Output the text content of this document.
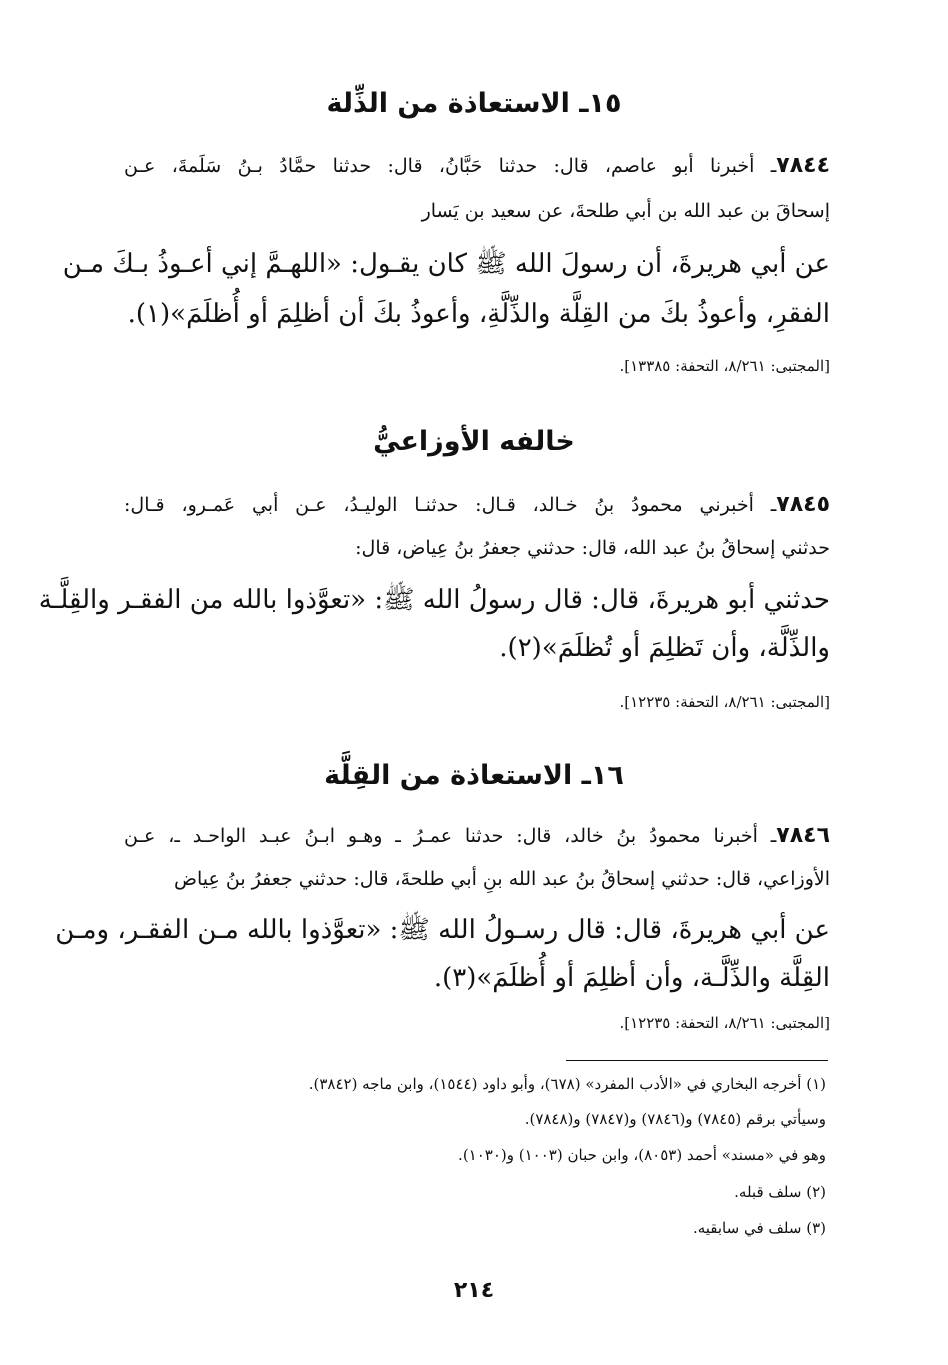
١٥ـ الاستعاذة من الذِّلة
٧٨٤٤ـ أخبرنا أبو عاصم، قال: حدثنا حَبَّانُ، قال: حدثنا حمَّادُ بـنُ سَلَمةَ، عـن
إسحاقَ بن عبد الله بن أبي طلحةَ، عن سعيد بن يَسار
عن أبي هريرةَ، أن رسولَ الله ﷺ كان يقـول: «اللهـمَّ إني أعـوذُ بـكَ مـن
الفقرِ، وأعوذُ بكَ من القِلَّة والذِّلَّةِ، وأعوذُ بكَ أن أظلِمَ أو أُظلَمَ»(١).
[المجتبى: ٨/٢٦١، التحفة: ١٣٣٨٥].
خالفه الأوزاعيُّ
٧٨٤٥ـ أخبرني محمودُ بنُ خـالد، قـال: حدثنـا الوليـدُ، عـن أبي عَمـرو، قـال:
حدثني إسحاقُ بنُ عبد الله، قال: حدثني جعفرُ بنُ عِياض، قال:
حدثني أبو هريرةَ، قال: قال رسولُ الله ﷺ: «تعوَّذوا بالله من الفقـر والقِلَّـة
والذِّلَّة، وأن تَظلِمَ أو تُظلَمَ»(٢).
[المجتبى: ٨/٢٦١، التحفة: ١٢٢٣٥].
١٦ـ الاستعاذة من القِلَّة
٧٨٤٦ـ أخبرنا محمودُ بنُ خالد، قال: حدثنا عمـرُ ـ وهـو ابـنُ عبـد الواحـد ـ، عـن
الأوزاعي، قال: حدثني إسحاقُ بنُ عبد الله بنِ أبي طلحةَ، قال: حدثني جعفرُ بنُ عِياض
عن أبي هريرةَ، قال: قال رسـولُ الله ﷺ: «تعوَّذوا بالله مـن الفقـر، ومـن
القِلَّة والذِّلَّـة، وأن أظلِمَ أو أُظلَمَ»(٣).
[المجتبى: ٨/٢٦١، التحفة: ١٢٢٣٥].
(١) أخرجه البخاري في «الأدب المفرد» (٦٧٨)، وأبو داود (١٥٤٤)، وابن ماجه (٣٨٤٢).
وسيأتي برقم (٧٨٤٥) و(٧٨٤٦) و(٧٨٤٧) و(٧٨٤٨).
وهو في «مسند» أحمد (٨٠٥٣)، وابن حبان (١٠٠٣) و(١٠٣٠).
(٢) سلف قبله.
(٣) سلف في سابقيه.
٢١٤
